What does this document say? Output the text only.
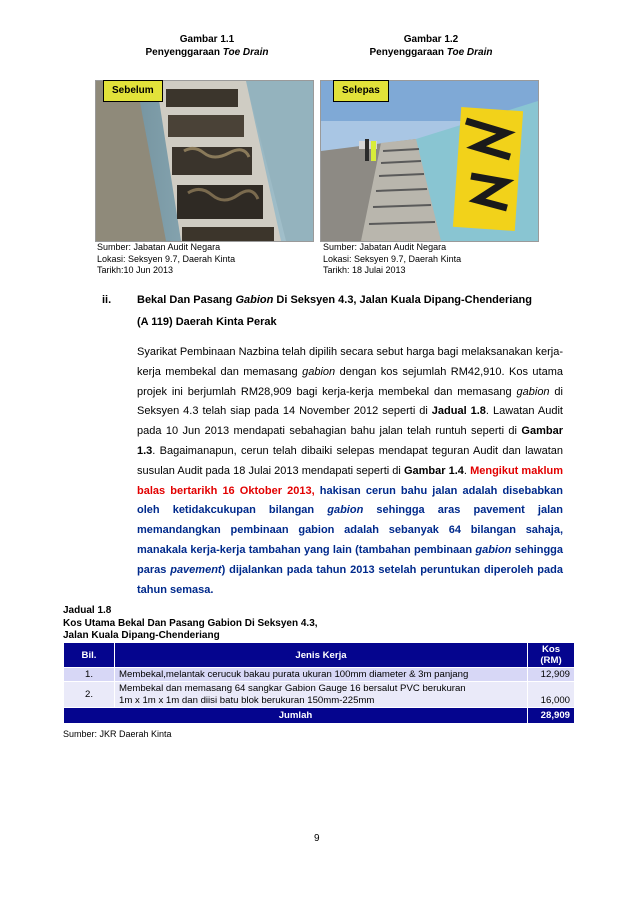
Gambar 1.1
Penyenggaraan Toe Drain
Sebelum
Sumber: Jabatan Audit Negara
Lokasi: Seksyen 9.7, Daerah Kinta
Tarikh:10 Jun 2013
Gambar 1.2
Penyenggaraan Toe Drain
Selepas
Sumber: Jabatan Audit Negara
Lokasi: Seksyen 9.7, Daerah Kinta
Tarikh: 18 Julai 2013
ii. Bekal Dan Pasang Gabion Di Seksyen 4.3, Jalan Kuala Dipang-Chenderiang
(A 119) Daerah Kinta Perak
Syarikat Pembinaan Nazbina telah dipilih secara sebut harga bagi melaksanakan kerja-kerja membekal dan memasang gabion dengan kos sejumlah RM42,910. Kos utama projek ini berjumlah RM28,909 bagi kerja-kerja membekal dan memasang gabion di Seksyen 4.3 telah siap pada 14 November 2012 seperti di Jadual 1.8. Lawatan Audit pada 10 Jun 2013 mendapati sebahagian bahu jalan telah runtuh seperti di Gambar 1.3. Bagaimanapun, cerun telah dibaiki selepas mendapat teguran Audit dan lawatan susulan Audit pada 18 Julai 2013 mendapati seperti di Gambar 1.4. Mengikut maklum balas bertarikh 16 Oktober 2013, hakisan cerun bahu jalan adalah disebabkan oleh ketidakcukupan bilangan gabion sehingga aras pavement jalan memandangkan pembinaan gabion adalah sebanyak 64 bilangan sahaja, manakala kerja-kerja tambahan yang lain (tambahan pembinaan gabion sehingga paras pavement) dijalankan pada tahun 2013 setelah peruntukan diperoleh pada tahun semasa.
Jadual 1.8
Kos Utama Bekal Dan Pasang Gabion Di Seksyen 4.3,
Jalan Kuala Dipang-Chenderiang
Bil.	Jenis Kerja	Kos
(RM)
1.	Membekal,melantak cerucuk bakau purata ukuran 100mm diameter & 3m panjang	12,909
2.	Membekal dan memasang 64 sangkar Gabion Gauge 16 bersalut PVC berukuran
1m x 1m x 1m dan diisi batu blok berukuran 150mm-225mm	16,000
Jumlah		28,909
Sumber: JKR Daerah Kinta
9
